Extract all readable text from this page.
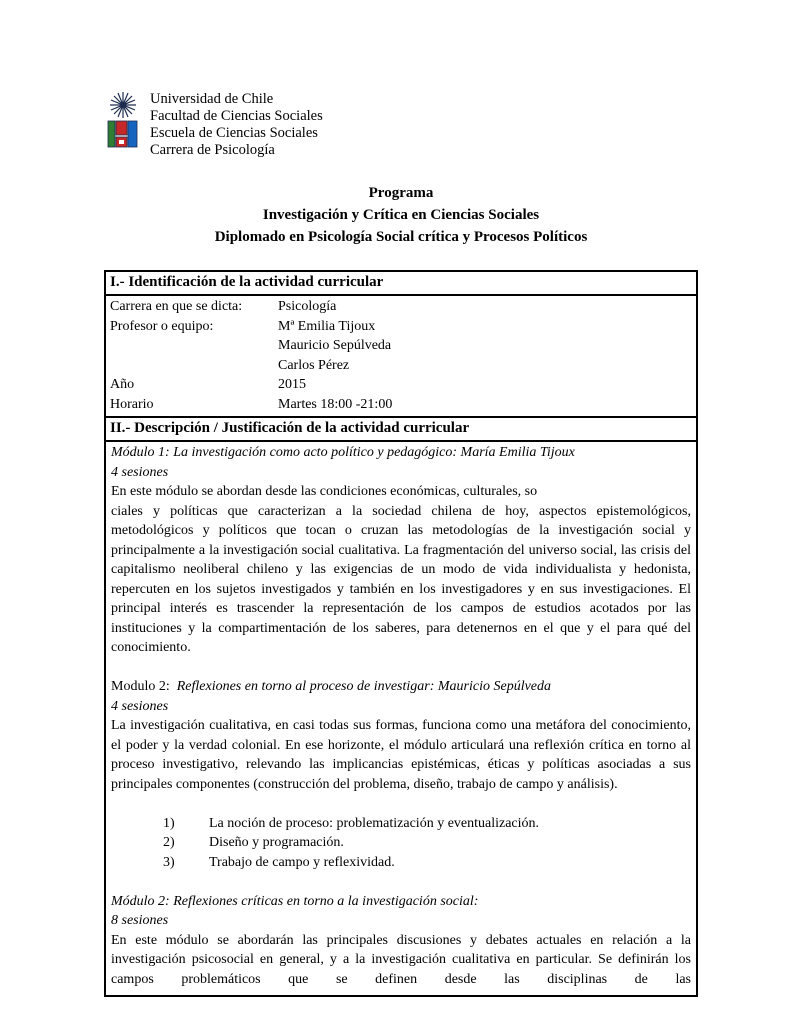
Universidad de Chile
Facultad de Ciencias Sociales
Escuela de Ciencias Sociales
Carrera de Psicología
Programa
Investigación y Crítica en Ciencias Sociales
Diplomado en Psicología Social crítica y Procesos Políticos
I.- Identificación de la actividad curricular
Carrera en que se dicta:	Psicología
Profesor o equipo:	Mª Emilia Tijoux
Mauricio Sepúlveda
Carlos Pérez
Año	2015
Horario	Martes 18:00 -21:00
II.- Descripción / Justificación de la actividad curricular
Módulo 1: La investigación como acto político y pedagógico: María Emilia Tijoux
4 sesiones
En este módulo se abordan desde las condiciones económicas, culturales, so
ciales y políticas que caracterizan a la sociedad chilena de hoy, aspectos epistemológicos, metodológicos y políticos que tocan o cruzan las metodologías de la investigación social y principalmente a la investigación social cualitativa. La fragmentación del universo social, las crisis del capitalismo neoliberal chileno y las exigencias de un modo de vida individualista y hedonista, repercuten en los sujetos investigados y también en los investigadores y en sus investigaciones. El principal interés es trascender la representación de los campos de estudios acotados por las instituciones y la compartimentación de los saberes, para detenernos en el que y el para qué del conocimiento.
Modulo 2: Reflexiones en torno al proceso de investigar: Mauricio Sepúlveda
4 sesiones
La investigación cualitativa, en casi todas sus formas, funciona como una metáfora del conocimiento, el poder y la verdad colonial. En ese horizonte, el módulo articulará una reflexión crítica en torno al proceso investigativo, relevando las implicancias epistémicas, éticas y políticas asociadas a sus principales componentes (construcción del problema, diseño, trabajo de campo y análisis).
1)	La noción de proceso: problematización y eventualización.
2)	Diseño y programación.
3)	Trabajo de campo y reflexividad.
Módulo 2: Reflexiones críticas en torno a la investigación social:
8 sesiones
En este módulo se abordarán las principales discusiones y debates actuales en relación a la investigación psicosocial en general, y a la investigación cualitativa en particular. Se definirán los campos problemáticos que se definen desde las disciplinas de las
